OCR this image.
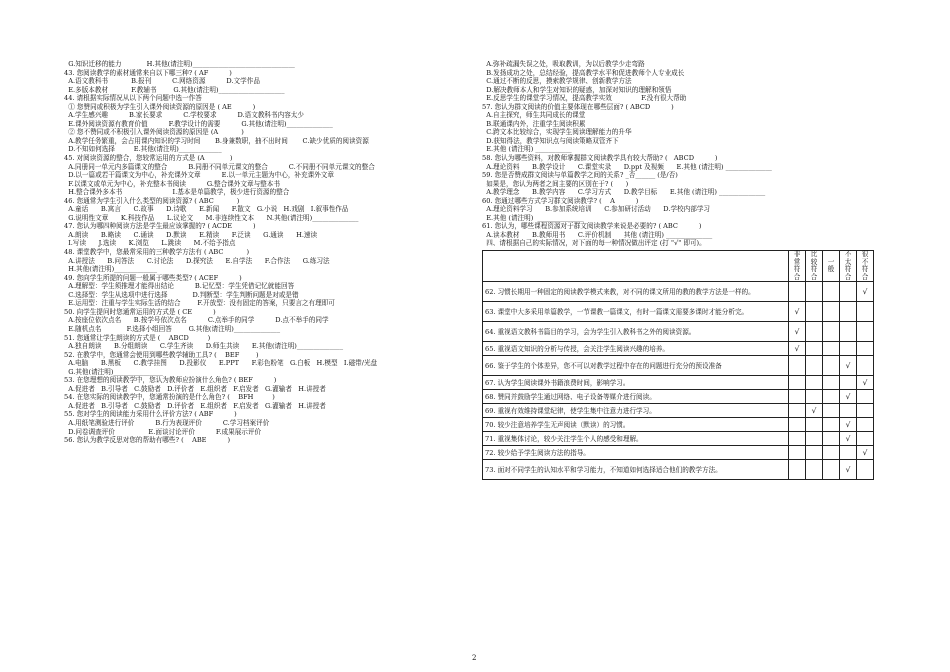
G.知识迁移的能力            H.其他(请注明)_______________________________
43. 您阅读教学的素材通常来自以下哪三种? ( AF          )
A.语文教科书           B.报刊          C.网络资源          D.文学作品
E.多版本教材           F.教辅书        G.其他(请注明)____________________
44. 请根据实际情况从以下两个问题中选一作答
① 您赞同或积极为学生引入课外阅读资源的原因是 ( AE          )
A.学生感兴趣          B.家长要求          C.学校要求          D.语文教科书内容太少
E.课外阅读资源有教育价值          F.教学设计的需要          G.其他(请注明)______________
② 您不赞同或不积极引入课外阅读资源的原因是 (A           )
A.教学任务繁重，会占用课内知识的学习时间       B.身兼数职，抽不出时间       C.缺少优质的阅读资源
D.不知如何选择         E.其他(请注明)_____________
45. 对阅读资源的整合，您较常运用的方式是 (A            )
A.同册同一单元内多篇课文的整合          B.同册不同单元课文的整合          C.不同册不同单元课文的整合
D.以一篇或若干篇课文为中心，补充课外文章          E.以一单元主题为中心，补充课外文章
F.以课文或单元为中心，补充整本书阅读          G.整合课外文章与整本书
H.整合课外多本书                        I.基本是单篇教学，极少进行资源的整合
46. 您通常为学生引入什么类型的阅读资源? ( ABC           )
A.童话      B.寓言      C.故事      D.诗歌      E.新闻      F.散文   G.小说   H.戏剧   I.叙事性作品
G.说明性文章      K.科技作品      L.议论文      M.非连续性文本      N.其他(请注明)______________
47. 您认为哪四种阅读方法是学生最应该掌握的? ( ACDE          )
A.朗读      B.略读      C.诵读      D.默读      E.精读      F.泛读      G.通读      H.速读
I.写读      J.选读      K.浏览      L.跳读      M.不给予指点
48. 课堂教学中，您最常采用的三种教学方法有 ( ABC           )
A.讲授法      B.问答法      C.讨论法      D.探究法      E.自学法      F.合作法      G.练习法
H.其他(请注明)_____________
49. 您向学生所提的问题一般属于哪些类型? ( ACEF          )
A.理解型：学生须推理才能得出结论          B.记忆型：学生凭借记忆就能回答
C.选择型：学生从选项中进行选择            D.判断型：学生判断问题是对或是错
E.运用型：注重与学生实际生活的结合        F.开放型：没有固定的答案，只要言之有理即可
50. 向学生提问时您通常运用的方式是 ( CE          )
A.按座位依次点名      B.按学号依次点名          C.点举手的同学          D.点不举手的同学
E.随机点名            F.选择小组回答        G.其他(请注明)______________
51. 您通常让学生朗读的方式是 (    ABCD         )
A.独自朗读      B.分组朗读      C.学生齐读      D.师生共读      E.其他(请注明)______________
52. 在教学中，您通常会使用到哪些教学辅助工具? (    BEF        )
A.电脑      B.黑板      C.教学挂图      D.投影仪      E.PPT      F.彩色粉笔   G.白板   H.模型   I.磁带/光盘
G.其他(请注明)_______________
53. 在您理想的阅读教学中，您认为教师应扮演什么角色? ( BEF          )
A.促进者   B.引导者   C.鼓励者   D.评价者   E.组织者   F.启发者   G.灌输者   H.讲授者
54. 在您实际的阅读教学中，您通常扮演的是什么角色? (    BFH         )
A.促进者   B.引导者   C.鼓励者   D.评价者   E.组织者   F.启发者   G.灌输者   H.讲授者
55. 您对学生的阅读能力采用什么评价方法? ( ABF          )
A.用纸笔测验进行评价          B.行为表现评价          C.学习档案评价
D.问卷调查评价                E.面谈讨论评价          F.成果展示评价
56. 您认为教学反思对您的帮助有哪些? (    ABE          )
A.弥补疏漏失误之处，吸取教训，为以后教学少走弯路
B.发扬成功之处，总结经验，提高教学水平和促进教师个人专业成长
C.通过不断的反思，摸索教学规律、创新教学方法
D.解决教师本人和学生对知识的疑惑，加深对知识的理解和领悟
E.反思学生的课堂学习情况，提高教学实效              F.没有很大帮助
57. 您认为群文阅读的价值主要体现在哪些层面? ( ABCD          )
A.自主探究，师生共同成长的课堂
B.联通课内外，注重学生阅读积累
C.跨文本比较综合，实现学生阅读理解能力的升华
D.获知得法，教学知识点与阅读策略双管齐下
E.其他 (请注明) ___________
58. 您认为哪些资料，对教师掌握群文阅读教学具有较大帮助? (   ABCD          )
A.理论资料      B.教学设计      C.课堂实录      D.ppt 及视频      E.其他 (请注明) ______________
59. 您是否赞成群文阅读与单篇教学之间的关系? _否______ (是/否)
如果是，您认为两者之间主要的区别在于? (      )
A.教学理念      B.教学内容      C.学习方式      D.教学目标      E.其他 (请注明) ______________
60. 您通过哪些方式学习群文阅读教学? (    A          )
A.理论资料学习      B.参加系统培训      C.参加研讨活动      D.学校内部学习
E.其他 (请注明)  ______________
61. 您认为，哪些课程资源对于群文阅读教学来说是必要的? ( ABC          )
A.读本教材      B.教师用书      C.评价机制      其他 (请注明) ______________
四、请根据自己的实际情况，对下面的每一种情况做出评定 (打 "√" 即可)。
	非常符合	比较符合	一般	不太符合	很不符合
62. 习惯长期用一种固定的阅读教学模式来教，对不同的课文所用的教的教学方法是一样的。					√
63. 课堂中大多采用单篇教学，一节课教一篇课文，有时一篇课文需要多课时才能分析完。	√				
64. 重视语文教科书篇目的学习，会为学生引入教科书之外的阅读资源。	√				
65. 重视语文知识的分析与传授，会关注学生阅读兴趣的培养。	√				
66. 鉴于学生的个体差异，您不可以对教学过程中存在的问题进行充分的预设准备				√	
67. 认为学生阅读课外书籍浪费时间，影响学习。					√
68. 赞同并鼓励学生通过网络、电子设备等媒介进行阅读。				√	
69. 重视有效维持课堂纪律，使学生集中注意力进行学习。		√			
70. 较少注意培养学生无声阅读（默读）的习惯。				√	
71. 重视集体讨论，较少关注学生个人的感受和理解。				√	
72. 较少给予学生阅读方法的指导。					√
73. 面对不同学生的认知水平和学习能力，不知道如何选择适合他们的教学方法。				√	
2
